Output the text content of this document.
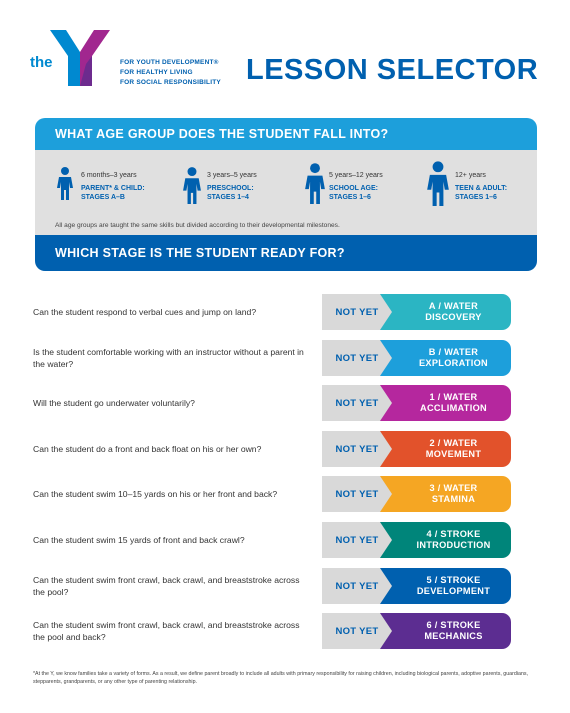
the	FOR YOUTH DEVELOPMENT®
FOR HEALTHY LIVING
FOR SOCIAL RESPONSIBILITY LESSON SELECTOR
WHAT AGE GROUP DOES THE STUDENT FALL INTO?
6 months–3 years
PARENT* & CHILD:
STAGES A–B
3 years–5 years
PRESCHOOL:
STAGES 1–4
5 years–12 years
SCHOOL AGE:
STAGES 1–6
12+ years
TEEN & ADULT:
STAGES 1–6
All age groups are taught the same skills but divided according to their developmental milestones.
WHICH STAGE IS THE STUDENT READY FOR?
Can the student respond to verbal cues and jump on land?	NOT YET
A / WATER
DISCOVERY
Is the student comfortable working with an instructor without a parent in the water?
NOT YET
B / WATER
EXPLORATION
Will the student go underwater voluntarily?	NOT YET
1 / WATER
ACCLIMATION
Can the student do a front and back float on his or her own?	NOT YET
2 / WATER
MOVEMENT
Can the student swim 10–15 yards on his or her front and back?	NOT YET
3 / WATER
STAMINA
Can the student swim 15 yards of front and back crawl?	NOT YET
4 / STROKE
INTRODUCTION
Can the student swim front crawl, back crawl, and breaststroke across the pool?
NOT YET
5 / STROKE
DEVELOPMENT
Can the student swim front crawl, back crawl, and breaststroke across the pool and back?
NOT YET
6 / STROKE
MECHANICS
*At the Y, we know families take a variety of forms. As a result, we define parent broadly to include all adults with primary responsibility for raising children, including biological parents, adoptive parents, guardians, stepparents, grandparents, or any other type of parenting relationship.
